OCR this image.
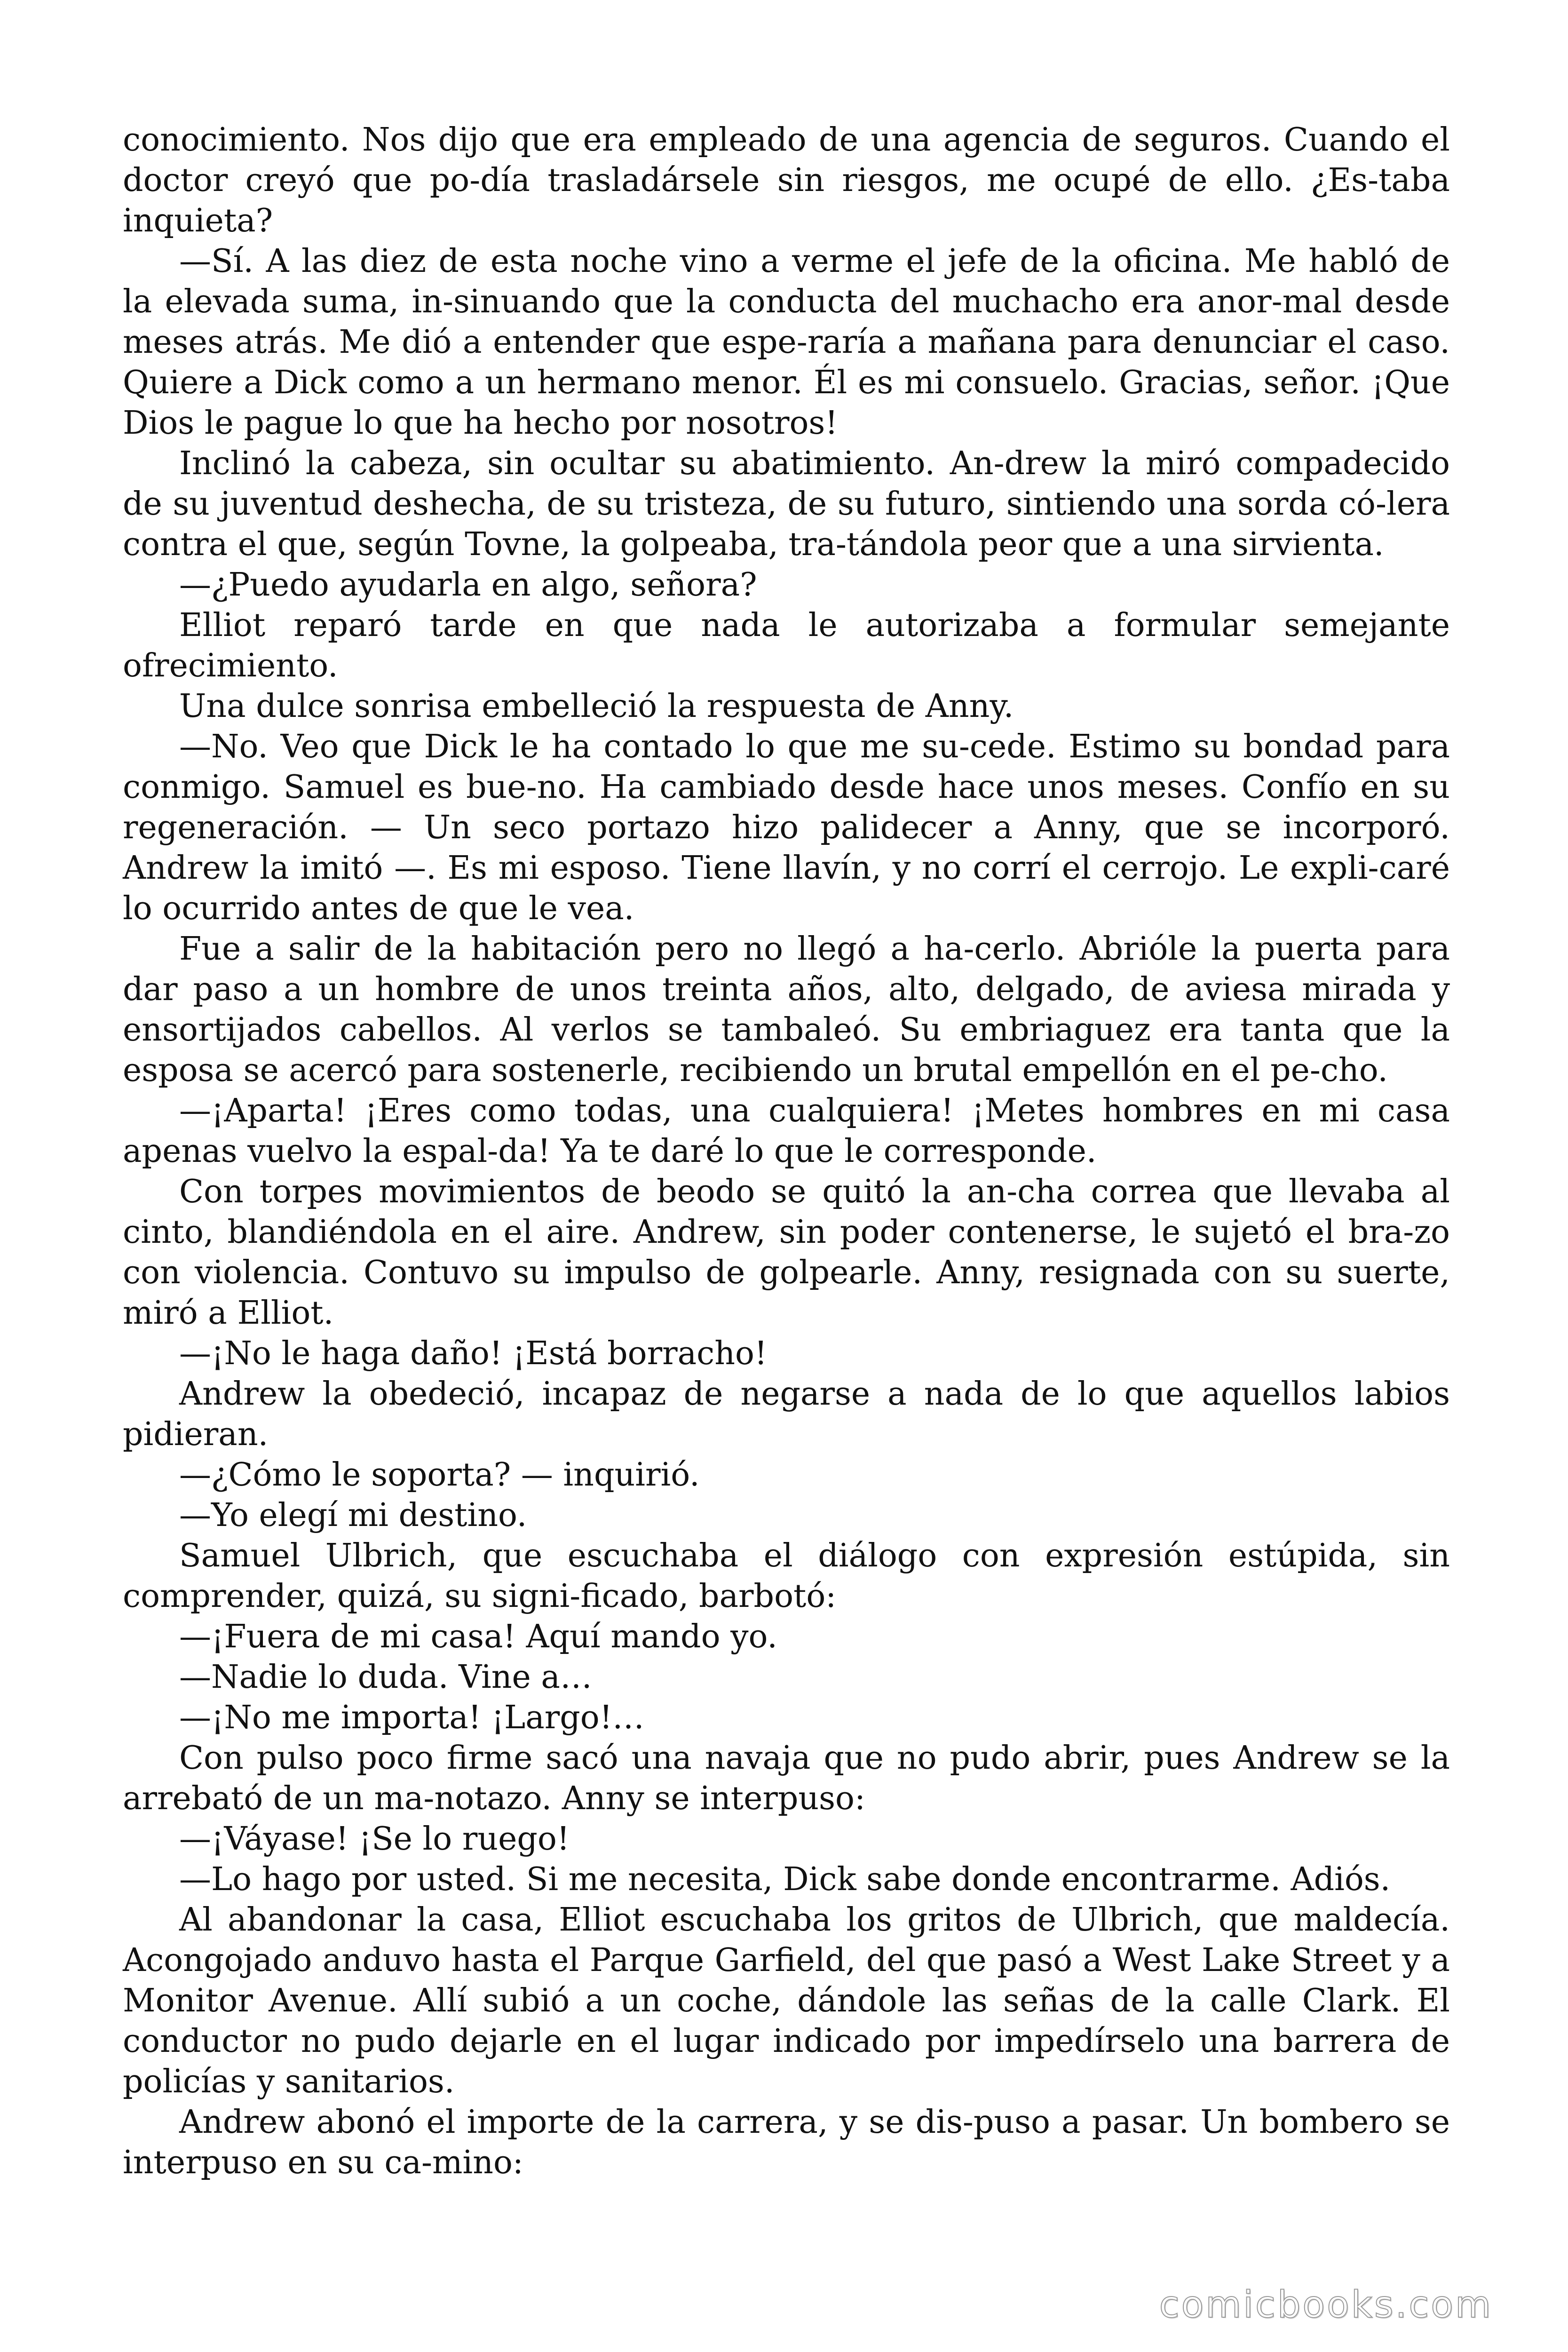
conocimiento. Nos dijo que era empleado de una agencia de seguros. Cuando el doctor creyó que po-día trasladársele sin riesgos, me ocupé de ello. ¿Es-taba inquieta?

—Sí. A las diez de esta noche vino a verme el jefe de la oficina. Me habló de la elevada suma, in-sinuando que la conducta del muchacho era anor-mal desde meses atrás. Me dió a entender que espe-raría a mañana para denunciar el caso. Quiere a Dick como a un hermano menor. Él es mi consuelo. Gracias, señor. ¡Que Dios le pague lo que ha hecho por nosotros!

Inclinó la cabeza, sin ocultar su abatimiento. An-drew la miró compadecido de su juventud deshecha, de su tristeza, de su futuro, sintiendo una sorda có-lera contra el que, según Tovne, la golpeaba, tra-tándola peor que a una sirvienta.

—¿Puedo ayudarla en algo, señora?

Elliot reparó tarde en que nada le autorizaba a formular semejante ofrecimiento.

Una dulce sonrisa embelleció la respuesta de Anny.

—No. Veo que Dick le ha contado lo que me su-cede. Estimo su bondad para conmigo. Samuel es bue-no. Ha cambiado desde hace unos meses. Confío en su regeneración. — Un seco portazo hizo palidecer a Anny, que se incorporó. Andrew la imitó —. Es mi esposo. Tiene llavín, y no corrí el cerrojo. Le expli-caré lo ocurrido antes de que le vea.

Fue a salir de la habitación pero no llegó a ha-cerlo. Abrióle la puerta para dar paso a un hombre de unos treinta años, alto, delgado, de aviesa mirada y ensortijados cabellos. Al verlos se tambaleó. Su embriaguez era tanta que la esposa se acercó para sostenerle, recibiendo un brutal empellón en el pe-cho.

—¡Aparta! ¡Eres como todas, una cualquiera! ¡Metes hombres en mi casa apenas vuelvo la espal-da! Ya te daré lo que le corresponde.

Con torpes movimientos de beodo se quitó la an-cha correa que llevaba al cinto, blandiéndola en el aire. Andrew, sin poder contenerse, le sujetó el bra-zo con violencia. Contuvo su impulso de golpearle. Anny, resignada con su suerte, miró a Elliot.

—¡No le haga daño! ¡Está borracho!

Andrew la obedeció, incapaz de negarse a nada de lo que aquellos labios pidieran.

—¿Cómo le soporta? — inquirió.

—Yo elegí mi destino.

Samuel Ulbrich, que escuchaba el diálogo con expresión estúpida, sin comprender, quizá, su signi-ficado, barbotó:

—¡Fuera de mi casa! Aquí mando yo.

—Nadie lo duda. Vine a…

—¡No me importa! ¡Largo!…

Con pulso poco firme sacó una navaja que no pudo abrir, pues Andrew se la arrebató de un ma-notazo. Anny se interpuso:

—¡Váyase! ¡Se lo ruego!

—Lo hago por usted. Si me necesita, Dick sabe donde encontrarme. Adiós.

Al abandonar la casa, Elliot escuchaba los gritos de Ulbrich, que maldecía. Acongojado anduvo hasta el Parque Garfield, del que pasó a West Lake Street y a Monitor Avenue. Allí subió a un coche, dándole las señas de la calle Clark. El conductor no pudo dejarle en el lugar indicado por impedírselo una barrera de policías y sanitarios.

Andrew abonó el importe de la carrera, y se dis-puso a pasar. Un bombero se interpuso en su ca-mino:

comicbooks.com
